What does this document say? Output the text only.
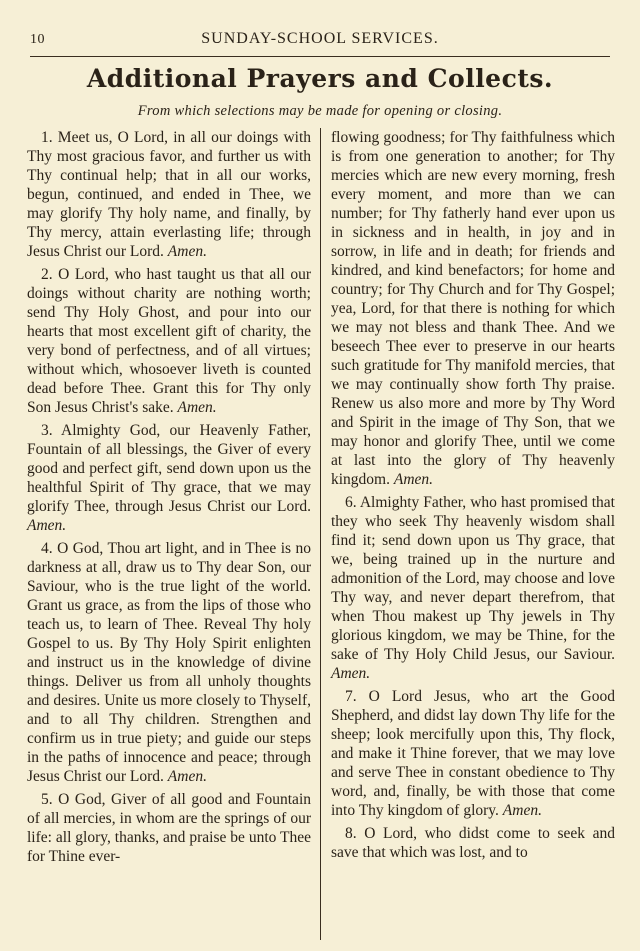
10	SUNDAY-SCHOOL SERVICES.
Additional Prayers and Collects.
From which selections may be made for opening or closing.

1. Meet us, O Lord, in all our doings with Thy most gracious favor, and further us with Thy continual help; that in all our works, begun, continued, and ended in Thee, we may glorify Thy holy name, and finally, by Thy mercy, attain everlasting life; through Jesus Christ our Lord. Amen.

2. O Lord, who hast taught us that all our doings without charity are nothing worth; send Thy Holy Ghost, and pour into our hearts that most excellent gift of charity, the very bond of perfectness, and of all virtues; without which, whosoever liveth is counted dead before Thee. Grant this for Thy only Son Jesus Christ's sake. Amen.

3. Almighty God, our Heavenly Father, Fountain of all blessings, the Giver of every good and perfect gift, send down upon us the healthful Spirit of Thy grace, that we may glorify Thee, through Jesus Christ our Lord. Amen.

4. O God, Thou art light, and in Thee is no darkness at all, draw us to Thy dear Son, our Saviour, who is the true light of the world. Grant us grace, as from the lips of those who teach us, to learn of Thee. Reveal Thy holy Gospel to us. By Thy Holy Spirit enlighten and instruct us in the knowledge of divine things. Deliver us from all unholy thoughts and desires. Unite us more closely to Thyself, and to all Thy children. Strengthen and confirm us in true piety; and guide our steps in the paths of innocence and peace; through Jesus Christ our Lord. Amen.

5. O God, Giver of all good and Fountain of all mercies, in whom are the springs of our life: all glory, thanks, and praise be unto Thee for Thine ever-

flowing goodness; for Thy faithfulness which is from one generation to another; for Thy mercies which are new every morning, fresh every moment, and more than we can number; for Thy fatherly hand ever upon us in sickness and in health, in joy and in sorrow, in life and in death; for friends and kindred, and kind benefactors; for home and country; for Thy Church and for Thy Gospel; yea, Lord, for that there is nothing for which we may not bless and thank Thee. And we beseech Thee ever to preserve in our hearts such gratitude for Thy manifold mercies, that we may continually show forth Thy praise. Renew us also more and more by Thy Word and Spirit in the image of Thy Son, that we may honor and glorify Thee, until we come at last into the glory of Thy heavenly kingdom. Amen.

6. Almighty Father, who hast promised that they who seek Thy heavenly wisdom shall find it; send down upon us Thy grace, that we, being trained up in the nurture and admonition of the Lord, may choose and love Thy way, and never depart therefrom, that when Thou makest up Thy jewels in Thy glorious kingdom, we may be Thine, for the sake of Thy Holy Child Jesus, our Saviour. Amen.

7. O Lord Jesus, who art the Good Shepherd, and didst lay down Thy life for the sheep; look mercifully upon this, Thy flock, and make it Thine forever, that we may love and serve Thee in constant obedience to Thy word, and, finally, be with those that come into Thy kingdom of glory. Amen.

8. O Lord, who didst come to seek and save that which was lost, and to
